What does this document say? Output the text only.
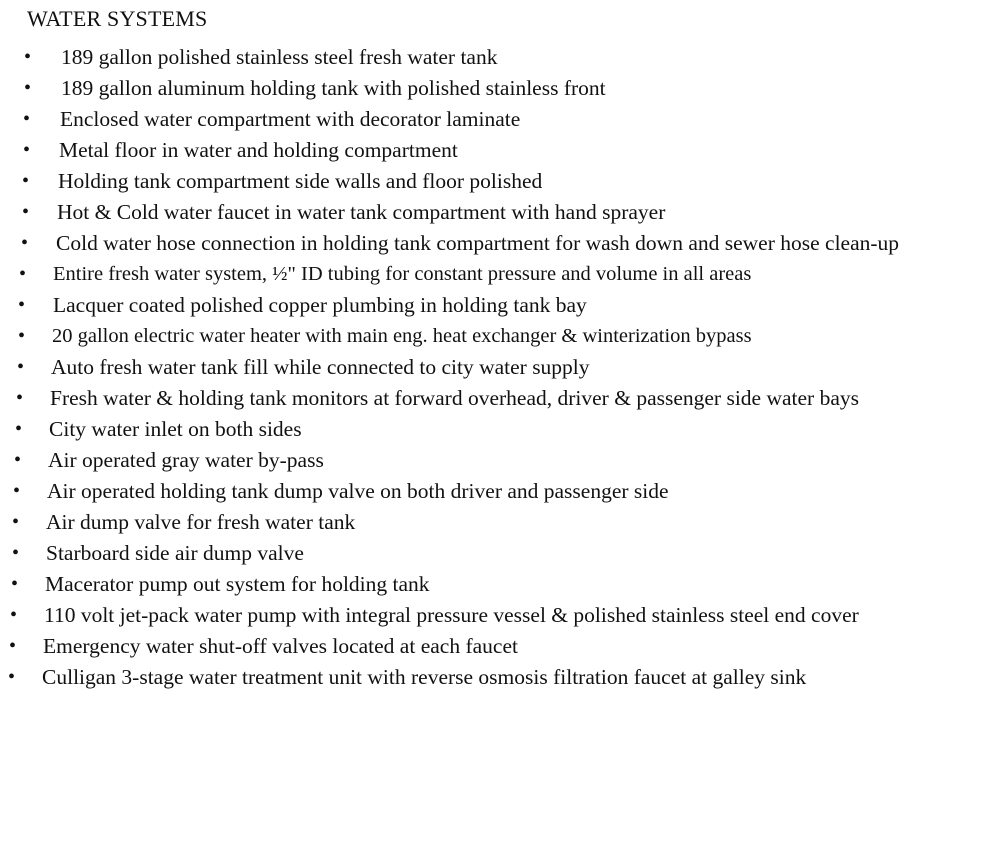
WATER SYSTEMS
• 189 gallon polished stainless steel fresh water tank
• 189 gallon aluminum holding tank with polished stainless front
• Enclosed water compartment with decorator laminate
• Metal floor in water and holding compartment
• Holding tank compartment side walls and floor polished
• Hot & Cold water faucet in water tank compartment with hand sprayer
• Cold water hose connection in holding tank compartment for wash down and sewer hose clean-up
• Entire fresh water system, ½" ID tubing for constant pressure and volume in all areas
• Lacquer coated polished copper plumbing in holding tank bay
• 20 gallon electric water heater with main eng. heat exchanger & winterization bypass
• Auto fresh water tank fill while connected to city water supply
• Fresh water & holding tank monitors at forward overhead, driver & passenger side water bays
• City water inlet on both sides
• Air operated gray water by-pass
• Air operated holding tank dump valve on both driver and passenger side
• Air dump valve for fresh water tank
• Starboard side air dump valve
• Macerator pump out system for holding tank
• 110 volt jet-pack water pump with integral pressure vessel & polished stainless steel end cover
• Emergency water shut-off valves located at each faucet
• Culligan 3-stage water treatment unit with reverse osmosis filtration faucet at galley sink
